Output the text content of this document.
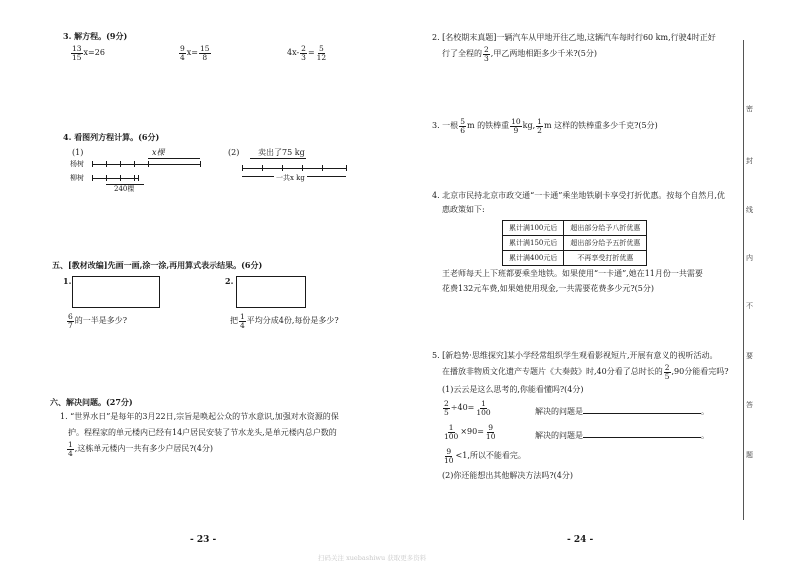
3. 解方程。(9分)
$\frac{13}{15} x=26$	$\frac{9}{4} x= \frac{15}{8}$	$4x- \frac{2}{3} = \frac{5}{12}$
4. 看图列方程计算。(6分)
(1)	x棵
杨树
柳树
240棵
(2) 卖出了75 kg
一共x kg
五、[教材改编]先画一画,涂一涂,再用算式表示结果。(6分)
1.
$\frac{6}{7}$ 的一半是多少?
2.
把 $\frac{1}{4}$ 平均分成4份,每份是多少?
六、解决问题。(27分)
1. “世界水日”是每年的3月22日,宗旨是唤起公众的节水意识,加强对水资源的保
护。程程家的单元楼内已经有14户居民安装了节水龙头,是单元楼内总户数的
$\frac{1}{4}$ ,这栋单元楼内一共有多少户居民?(4分)
- 23 -
2. [名校期末真题]一辆汽车从甲地开往乙地,这辆汽车每时行60 km,行驶4时正好
行了全程的 $\frac{2}{3}$ ,甲乙两地相距多少千米?(5分)
3. 一根 $\frac{5}{6}$ m 的铁棒重 $\frac{10}{9}$ kg, $\frac{1}{2}$ m 这样的铁棒重多少千克?(5分)
4. 北京市民持北京市政交通“一卡通”乘坐地铁刷卡享受打折优惠。按每个自然月,优
惠政策如下:
累计满100元后	超出部分给予八折优惠
累计满150元后	超出部分给予五折优惠
累计满400元后	不再享受打折优惠
王老师每天上下班都要乘坐地铁。如果使用“一卡通”,她在11月份一共需要
花费132元车费,如果她使用现金,一共需要花费多少元?(5分)
5. [新趋势·思维探究]某小学经常组织学生观看影视短片,开展有意义的视听活动。
在播放非物质文化遗产专题片《大奏鼓》时,40分看了总时长的 $\frac{2}{5} ,90$分能看完吗?
(1)云云是这么思考的,你能看懂吗?(4分)
$\frac{2}{5} \div 40= \frac{1}{100}$	解决的问题是	。
$\frac{1}{100} \times 90= \frac{9}{10}$	解决的问题是	。
$\frac{9}{10} <1$,所以不能看完。
(2)你还能想出其他解决方法吗?(4分)
- 24 -
密
封
线
内
不
要
答
题
扫码关注 xuebashiwu 获取更多资料
